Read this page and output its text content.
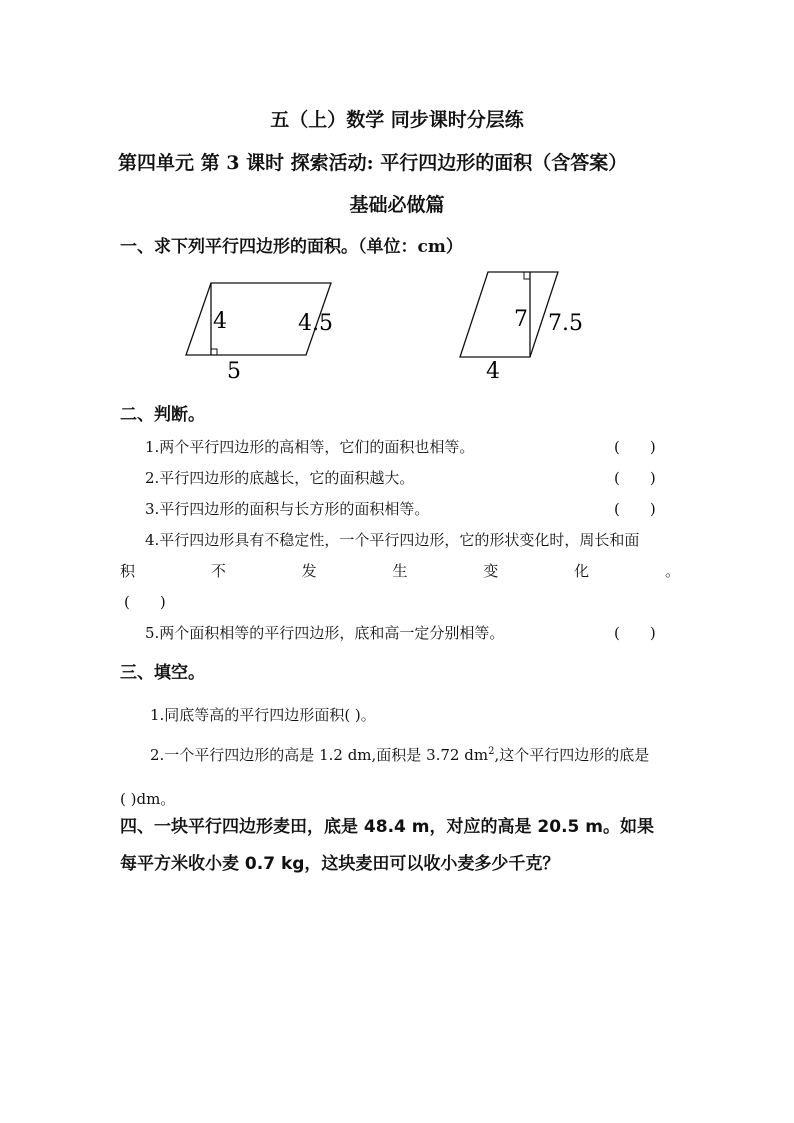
五（上）数学 同步课时分层练
第四单元 第 3 课时 探索活动: 平行四边形的面积（含答案）
基础必做篇
一、求下列平行四边形的面积。（单位：cm）
4	4.5
5
7 7.5
4
二、判断。
1.两个平行四边形的高相等，它们的面积也相等。	(　　)
2.平行四边形的底越长，它的面积越大。	(　　)
3.平行四边形的面积与长方形的面积相等。	(　　)
4.平行四边形具有不稳定性，一个平行四边形，它的形状变化时，周长和面
积	不	发	生	变	化	。
(　　)
5.两个面积相等的平行四边形，底和高一定分别相等。	(　　)
三、填空。
1.同底等高的平行四边形面积( )。
2.一个平行四边形的高是 1.2 dm,面积是 3.72 $dm^2$,这个平行四边形的底是
( )dm。
四、一块平行四边形麦田，底是 48.4 m，对应的高是 20.5 m。如果
每平方米收小麦 0.7 kg，这块麦田可以收小麦多少千克？
